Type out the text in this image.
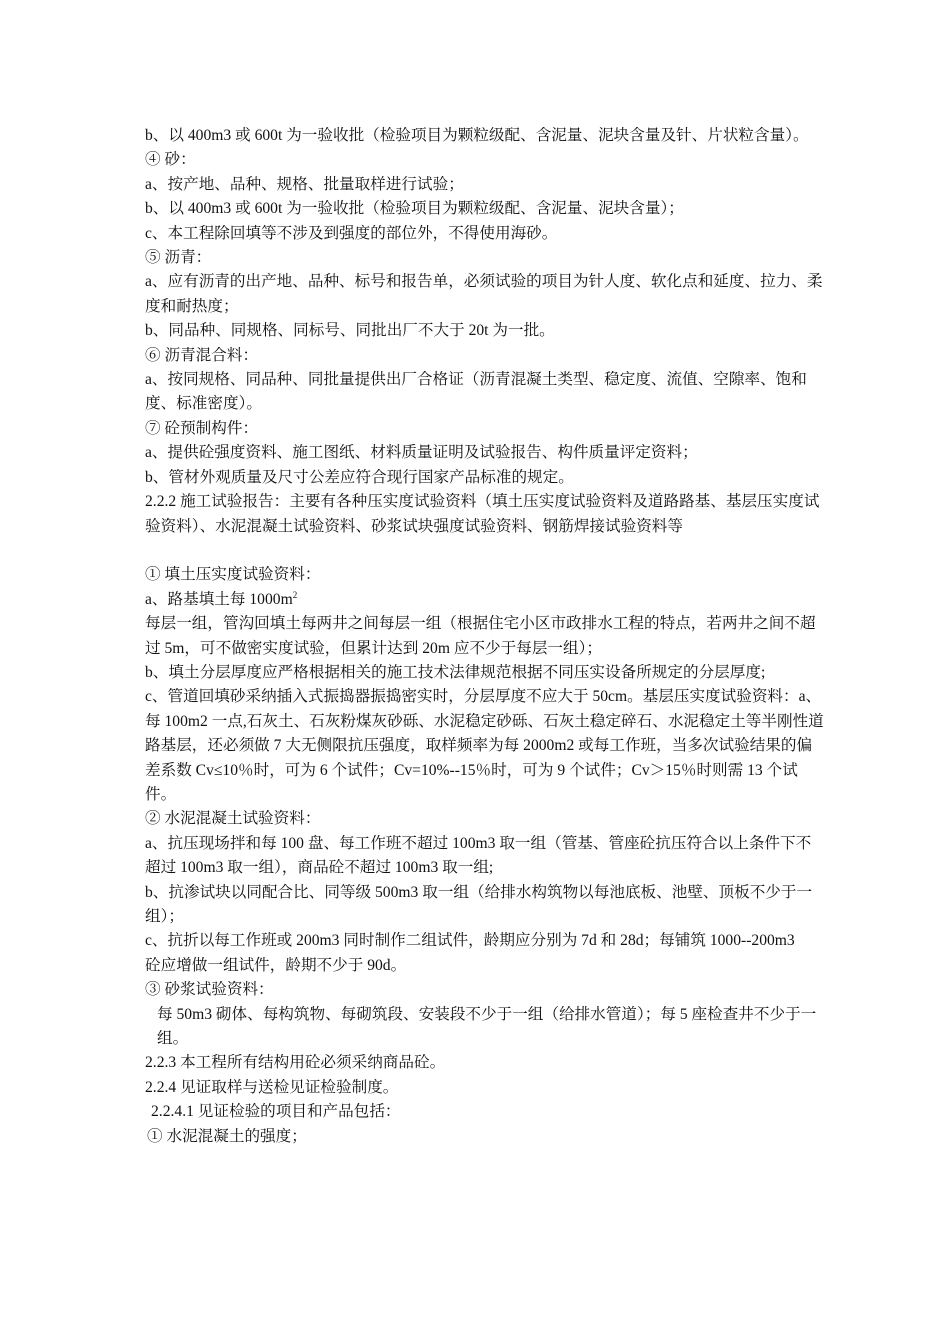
b、以 400m3 或 600t 为一验收批（检验项目为颗粒级配、含泥量、泥块含量及针、片状粒含量）。

④ 砂：

a、按产地、品种、规格、批量取样进行试验；

b、以 400m3 或 600t 为一验收批（检验项目为颗粒级配、含泥量、泥块含量）；

c、本工程除回填等不涉及到强度的部位外，不得使用海砂。

⑤ 沥青：

a、应有沥青的出产地、品种、标号和报告单，必须试验的项目为针人度、软化点和延度、拉力、柔度和耐热度；

b、同品种、同规格、同标号、同批出厂不大于 20t 为一批。

⑥ 沥青混合料：

a、按同规格、同品种、同批量提供出厂合格证（沥青混凝土类型、稳定度、流值、空隙率、饱和度、标准密度）。

⑦ 砼预制构件：

a、提供砼强度资料、施工图纸、材料质量证明及试验报告、构件质量评定资料；

b、管材外观质量及尺寸公差应符合现行国家产品标准的规定。

2.2.2 施工试验报告：主要有各种压实度试验资料（填土压实度试验资料及道路路基、基层压实度试验资料）、水泥混凝土试验资料、砂浆试块强度试验资料、钢筋焊接试验资料等

① 填土压实度试验资料：

a、路基填土每 $1000m^2$

每层一组，管沟回填土每两井之间每层一组（根据住宅小区市政排水工程的特点，若两井之间不超过 5m，可不做密实度试验，但累计达到 20m 应不少于每层一组）；

b、填土分层厚度应严格根据相关的施工技术法律规范根据不同压实设备所规定的分层厚度;

c、管道回填砂采纳插入式振捣器振捣密实时，分层厚度不应大于 50cm。基层压实度试验资料：a、每 100m2 一点,石灰土、石灰粉煤灰砂砾、水泥稳定砂砾、石灰土稳定碎石、水泥稳定土等半刚性道路基层，还必须做 7 大无侧限抗压强度，取样频率为每 2000m2 或每工作班，当多次试验结果的偏差系数 Cv≤10％时，可为 6 个试件；Cv=10%--15％时，可为 9 个试件；Cv＞15％时则需 13 个试件。

② 水泥混凝土试验资料：

a、抗压现场拌和每 100 盘、每工作班不超过 100m3 取一组（管基、管座砼抗压符合以上条件下不超过 100m3 取一组），商品砼不超过 100m3 取一组;

b、抗渗试块以同配合比、同等级 500m3 取一组（给排水构筑物以每池底板、池壁、顶板不少于一组）；

c、抗折以每工作班或 200m3 同时制作二组试件，龄期应分别为 7d 和 28d；每铺筑 1000--200m3

砼应增做一组试件，龄期不少于 90d。

③ 砂浆试验资料：

每 50m3 砌体、每构筑物、每砌筑段、安装段不少于一组（给排水管道）；每 5 座检查井不少于一组。

2.2.3 本工程所有结构用砼必须采纳商品砼。

2.2.4 见证取样与送检见证检验制度。

2.2.4.1 见证检验的项目和产品包括：

① 水泥混凝土的强度；
